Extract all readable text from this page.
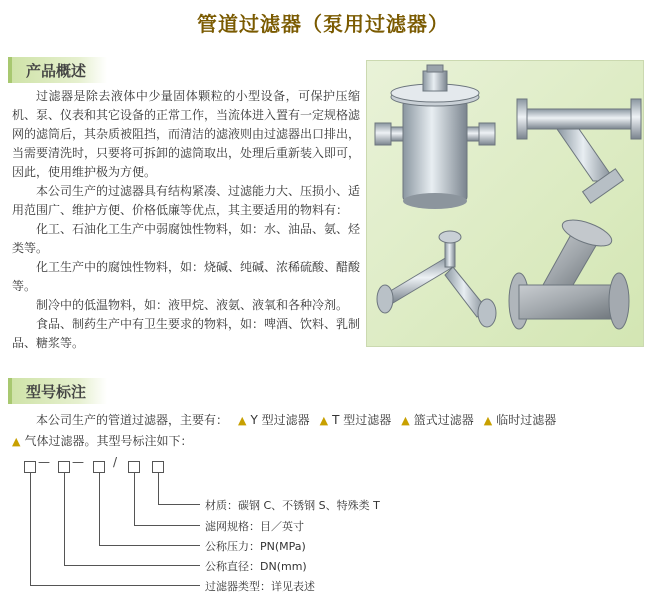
管道过滤器（泵用过滤器）
产品概述

过滤器是除去液体中少量固体颗粒的小型设备，可保护压缩机、泵、仪表和其它设备的正常工作，当流体进入置有一定规格滤网的滤筒后，其杂质被阻挡，而清洁的滤液则由过滤器出口排出，当需要清洗时，只要将可拆卸的滤筒取出，处理后重新装入即可，因此，使用维护极为方便。

本公司生产的过滤器具有结构紧凑、过滤能力大、压损小、适用范围广、维护方便、价格低廉等优点，其主要适用的物料有：

化工、石油化工生产中弱腐蚀性物料，如：水、油品、氨、烃类等。

化工生产中的腐蚀性物料，如：烧碱、纯碱、浓稀硫酸、醋酸等。

制冷中的低温物料，如：液甲烷、液氨、液氧和各种冷剂。

食品、制药生产中有卫生要求的物料，如：啤酒、饮料、乳制品、糖浆等。

型号标注
本公司生产的管道过滤器，主要有： ▲ Y 型过滤器 ▲ T 型过滤器 ▲ 篮式过滤器 ▲ 临时过滤器
▲ 气体过滤器。其型号标注如下：
— — /
材质：碳钢 C、不锈钢 S、特殊类 T
滤网规格：目／英寸
公称压力：PN(MPa)
公称直径：DN(mm)
过滤器类型：详见表述
